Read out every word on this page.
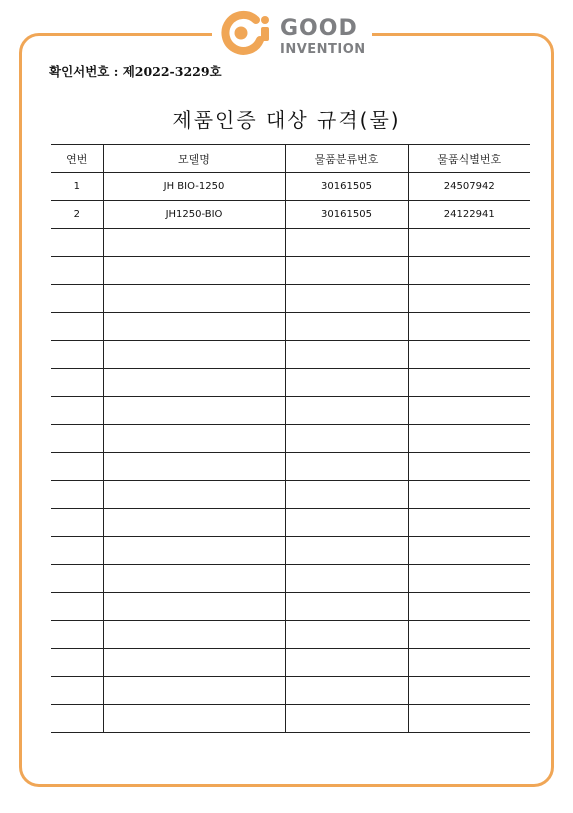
GOOD
INVENTION
확인서번호 : 제2022-3229호
제품인증 대상 규격(물)
연번	모델명	물품분류번호	물품식별번호
1	JH BIO-1250	30161505	24507942
2	JH1250-BIO	30161505	24122941
